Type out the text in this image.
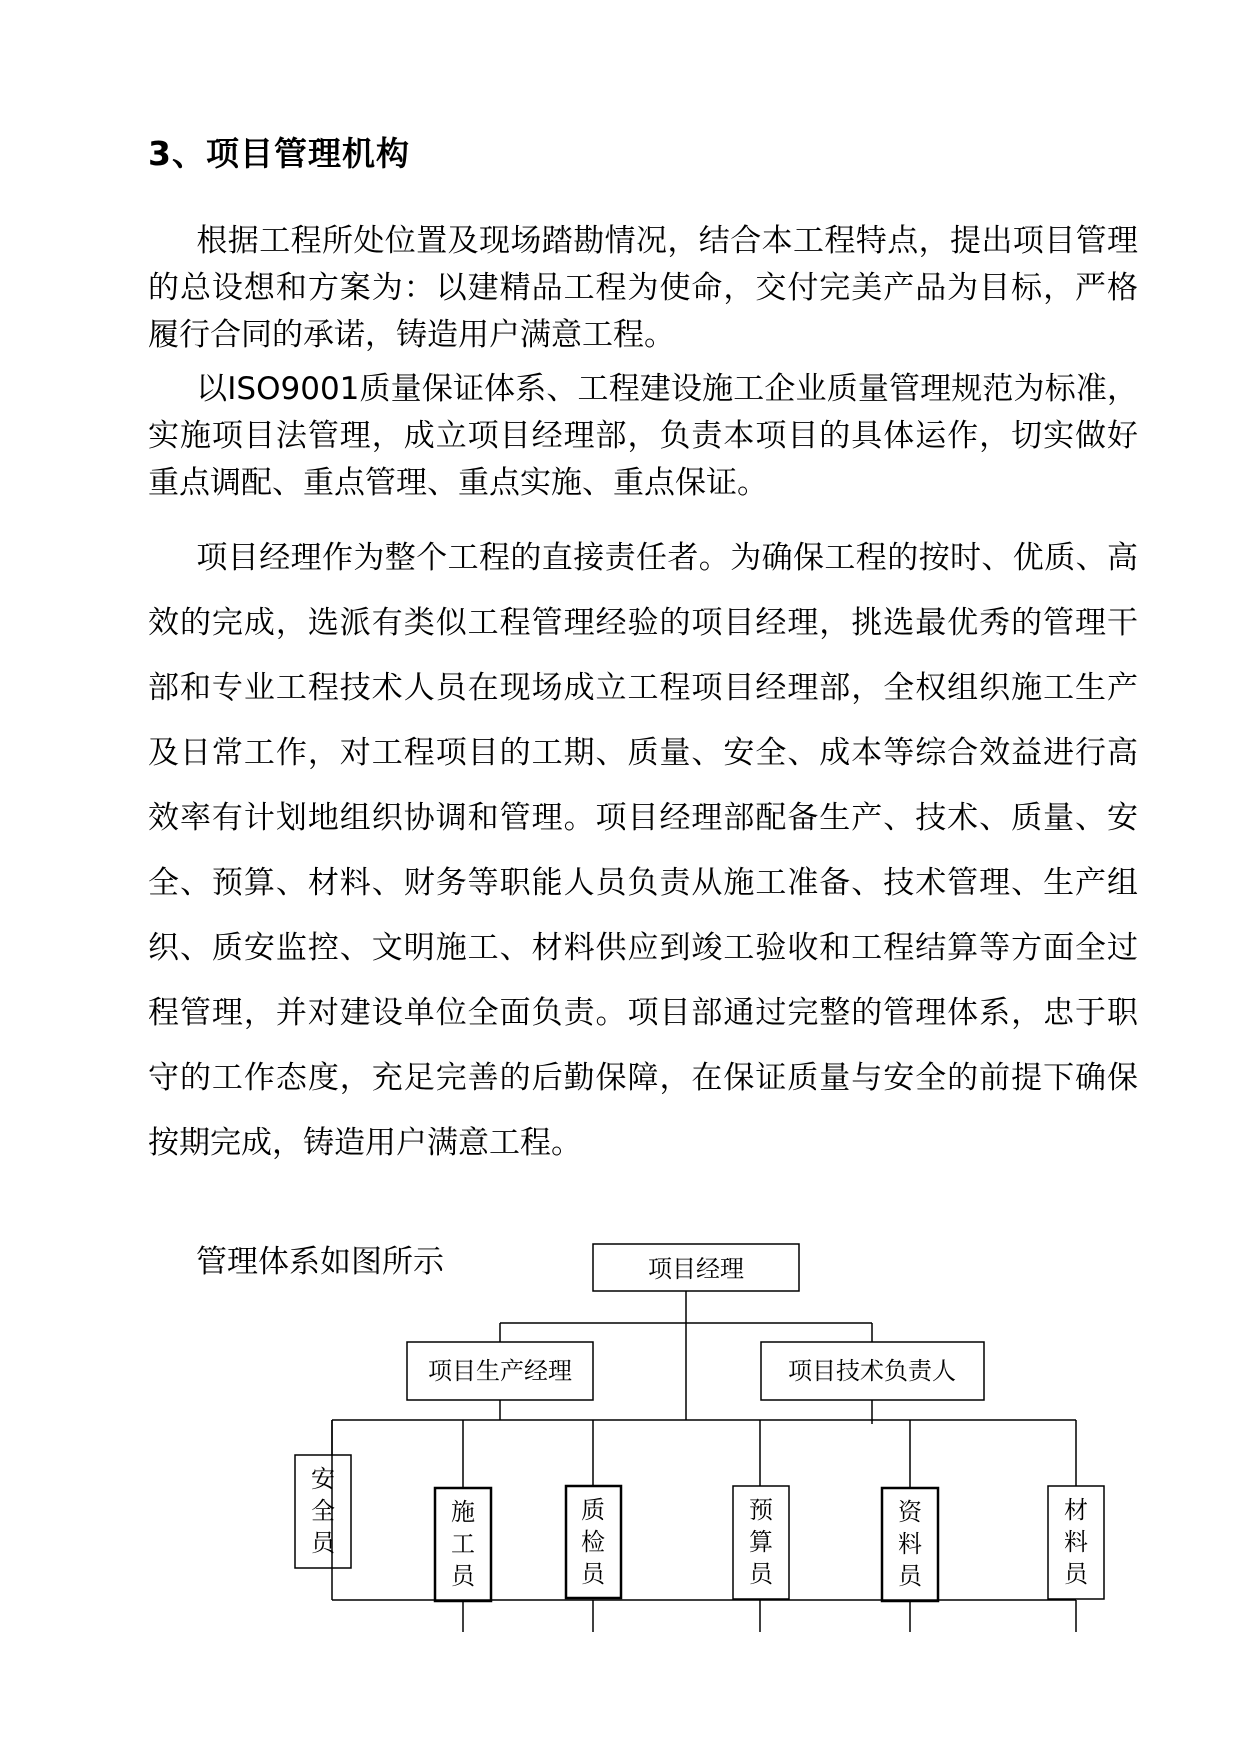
3、项目管理机构
根据工程所处位置及现场踏勘情况，结合本工程特点，提出项目管理的总设想和方案为：以建精品工程为使命，交付完美产品为目标，严格履行合同的承诺，铸造用户满意工程。
以ISO9001质量保证体系、工程建设施工企业质量管理规范为标准，实施项目法管理，成立项目经理部，负责本项目的具体运作，切实做好重点调配、重点管理、重点实施、重点保证。
项目经理作为整个工程的直接责任者。为确保工程的按时、优质、高效的完成，选派有类似工程管理经验的项目经理，挑选最优秀的管理干部和专业工程技术人员在现场成立工程项目经理部，全权组织施工生产及日常工作，对工程项目的工期、质量、安全、成本等综合效益进行高效率有计划地组织协调和管理。项目经理部配备生产、技术、质量、安全、预算、材料、财务等职能人员负责从施工准备、技术管理、生产组织、质安监控、文明施工、材料供应到竣工验收和工程结算等方面全过程管理，并对建设单位全面负责。项目部通过完整的管理体系，忠于职守的工作态度，充足完善的后勤保障，在保证质量与安全的前提下确保按期完成，铸造用户满意工程。
管理体系如图所示	项目经理
项目生产经理	项目技术负责人
安
全
员
施
工
员
质
检
员
预
算
员
资
料
员
材
料
员
